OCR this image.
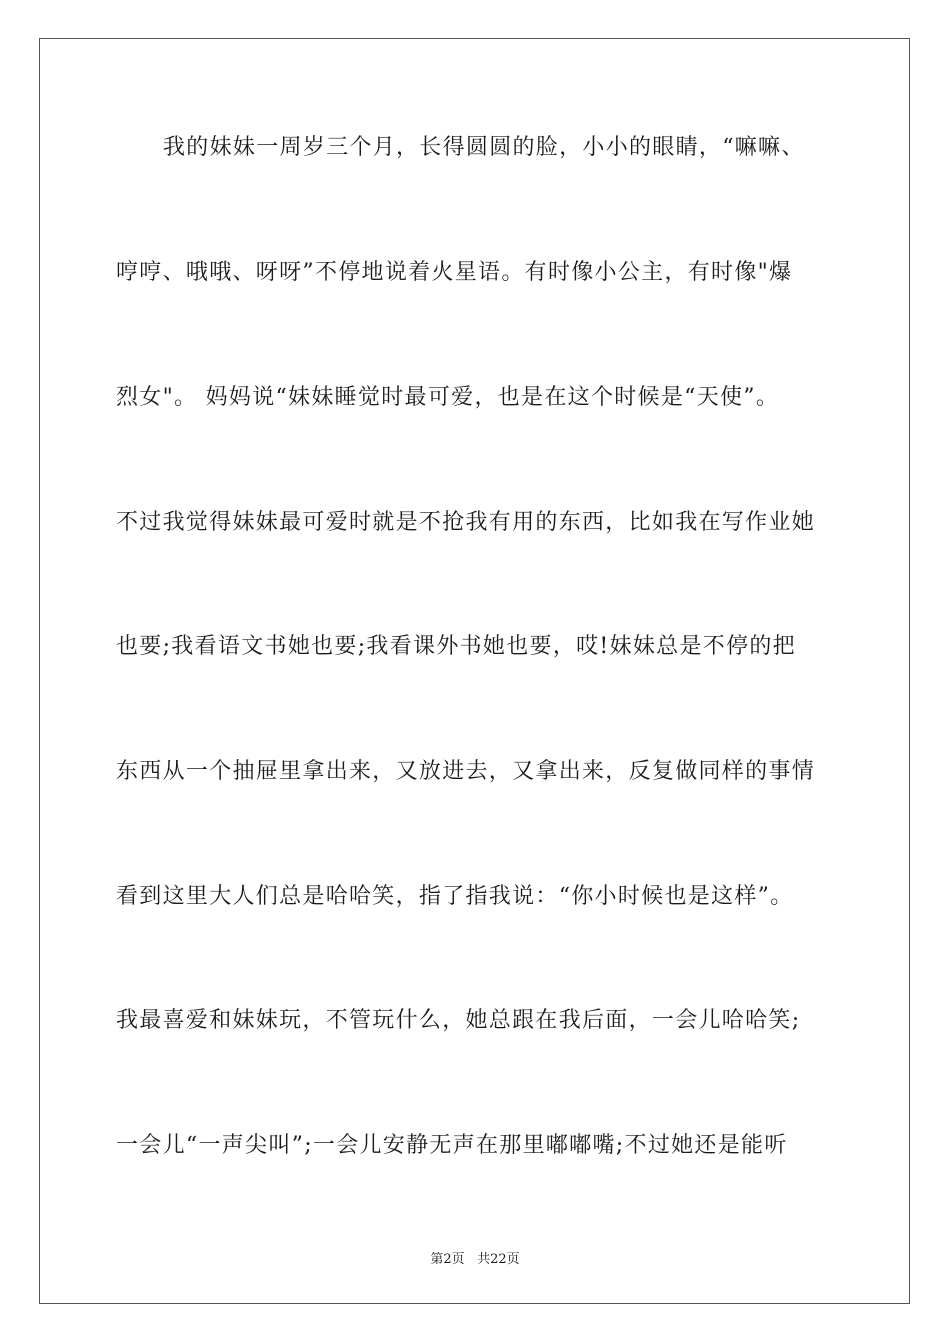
我的妹妹一周岁三个月，长得圆圆的脸，小小的眼睛，“嘛嘛、
哼哼、哦哦、呀呀”不停地说着火星语。有时像小公主，有时像"爆
烈女"。 妈妈说“妹妹睡觉时最可爱，也是在这个时候是“天使”。
不过我觉得妹妹最可爱时就是不抢我有用的东西，比如我在写作业她
也要;我看语文书她也要;我看课外书她也要，哎!妹妹总是不停的把
东西从一个抽屉里拿出来，又放进去，又拿出来，反复做同样的事情
看到这里大人们总是哈哈笑，指了指我说：“你小时候也是这样”。
我最喜爱和妹妹玩，不管玩什么，她总跟在我后面，一会儿哈哈笑;
一会儿“一声尖叫”;一会儿安静无声在那里嘟嘟嘴;不过她还是能听
第2页 共22页
